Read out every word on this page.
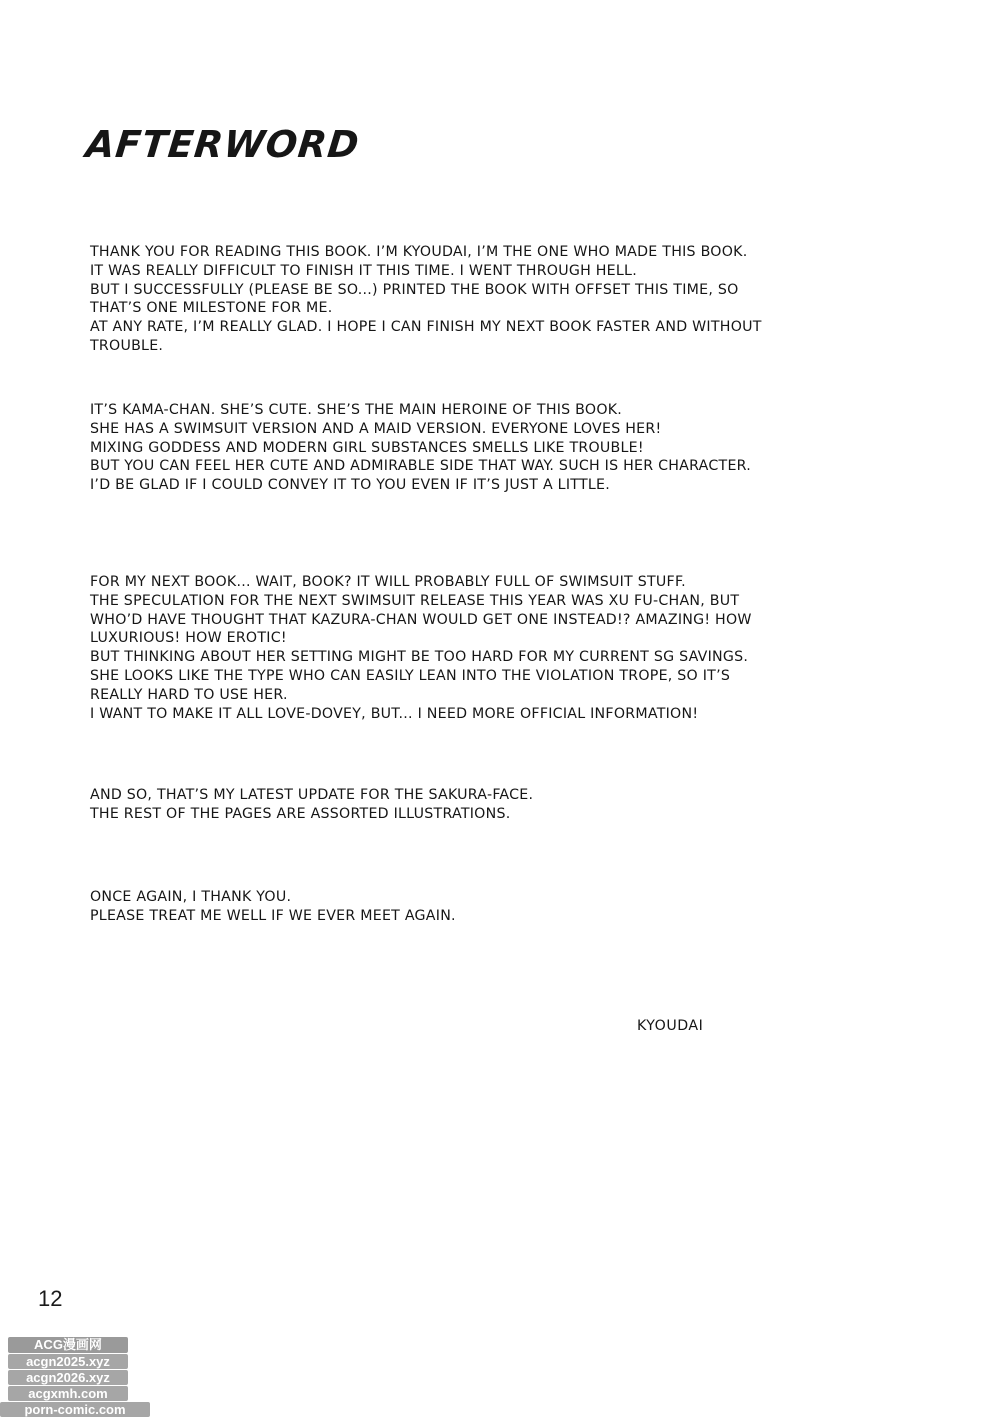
AFTERWORD
THANK YOU FOR READING THIS BOOK. I’M KYOUDAI, I’M THE ONE WHO MADE THIS BOOK.
IT WAS REALLY DIFFICULT TO FINISH IT THIS TIME. I WENT THROUGH HELL.
BUT I SUCCESSFULLY (PLEASE BE SO...) PRINTED THE BOOK WITH OFFSET THIS TIME, SO
THAT’S ONE MILESTONE FOR ME.
AT ANY RATE, I’M REALLY GLAD. I HOPE I CAN FINISH MY NEXT BOOK FASTER AND WITHOUT
TROUBLE.
IT’S KAMA-CHAN. SHE’S CUTE. SHE’S THE MAIN HEROINE OF THIS BOOK.
SHE HAS A SWIMSUIT VERSION AND A MAID VERSION. EVERYONE LOVES HER!
MIXING GODDESS AND MODERN GIRL SUBSTANCES SMELLS LIKE TROUBLE!
BUT YOU CAN FEEL HER CUTE AND ADMIRABLE SIDE THAT WAY. SUCH IS HER CHARACTER.
I’D BE GLAD IF I COULD CONVEY IT TO YOU EVEN IF IT’S JUST A LITTLE.
FOR MY NEXT BOOK... WAIT, BOOK? IT WILL PROBABLY FULL OF SWIMSUIT STUFF.
THE SPECULATION FOR THE NEXT SWIMSUIT RELEASE THIS YEAR WAS XU FU-CHAN, BUT
WHO’D HAVE THOUGHT THAT KAZURA-CHAN WOULD GET ONE INSTEAD!? AMAZING! HOW
LUXURIOUS! HOW EROTIC!
BUT THINKING ABOUT HER SETTING MIGHT BE TOO HARD FOR MY CURRENT SG SAVINGS.
SHE LOOKS LIKE THE TYPE WHO CAN EASILY LEAN INTO THE VIOLATION TROPE, SO IT’S
REALLY HARD TO USE HER.
I WANT TO MAKE IT ALL LOVE-DOVEY, BUT... I NEED MORE OFFICIAL INFORMATION!
AND SO, THAT’S MY LATEST UPDATE FOR THE SAKURA-FACE.
THE REST OF THE PAGES ARE ASSORTED ILLUSTRATIONS.
ONCE AGAIN, I THANK YOU.
PLEASE TREAT ME WELL IF WE EVER MEET AGAIN.
KYOUDAI
12
ACG漫画网
acgn2025.xyz
acgn2026.xyz
acgxmh.com
porn-comic.com
